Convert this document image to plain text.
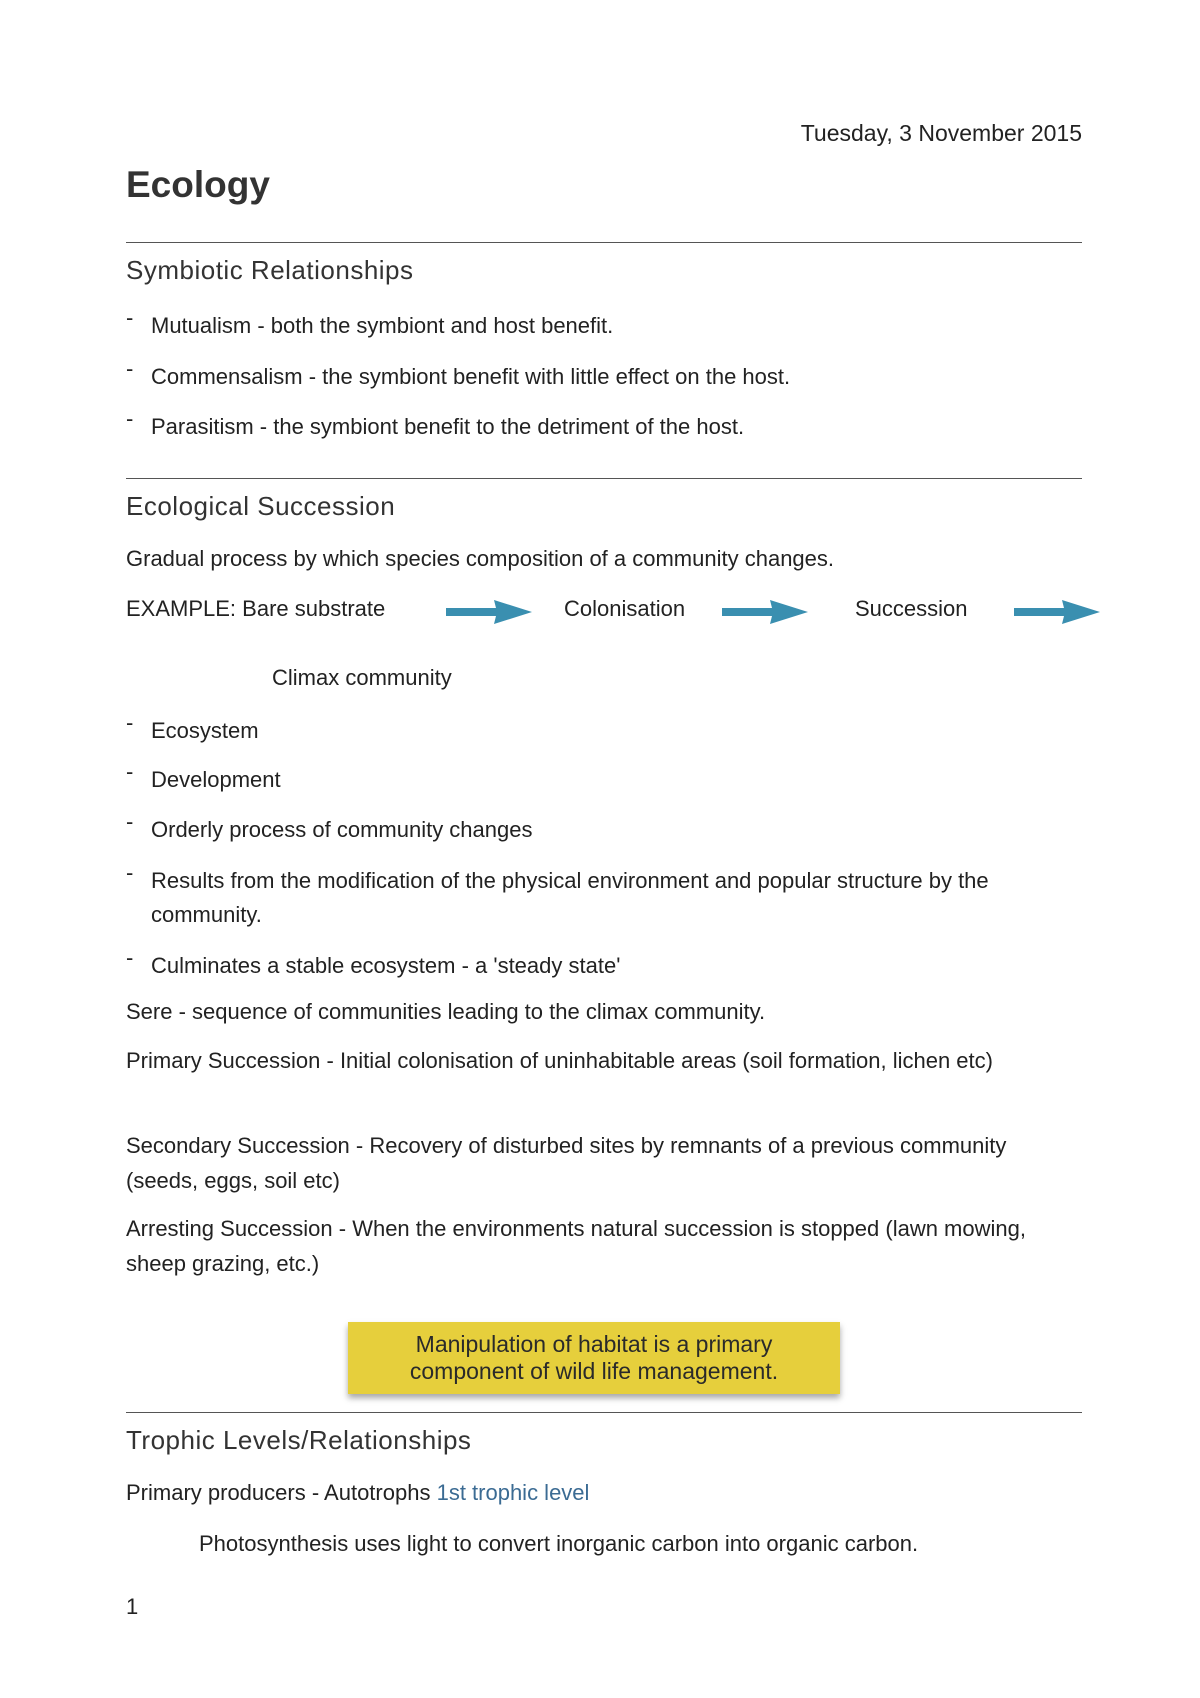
Tuesday, 3 November 2015
Ecology
Symbiotic Relationships
- Mutualism - both the symbiont and host benefit.
- Commensalism - the symbiont benefit with little effect on the host.
- Parasitism - the symbiont benefit to the detriment of the host.
Ecological Succession
Gradual process by which species composition of a community changes.
EXAMPLE: Bare substrate	Colonisation	Succession
Climax community
- Ecosystem
- Development
- Orderly process of community changes
- Results from the modification of the physical environment and popular structure by the community.
- Culminates a stable ecosystem - a 'steady state'
Sere - sequence of communities leading to the climax community.
Primary Succession - Initial colonisation of uninhabitable areas (soil formation, lichen etc)
Secondary Succession - Recovery of disturbed sites by remnants of a previous community (seeds, eggs, soil etc)
Arresting Succession - When the environments natural succession is stopped (lawn mowing, sheep grazing, etc.)
Manipulation of habitat is a primary component of wild life management.
Trophic Levels/Relationships
Primary producers - Autotrophs 1st trophic level
Photosynthesis uses light to convert inorganic carbon into organic carbon.
1
